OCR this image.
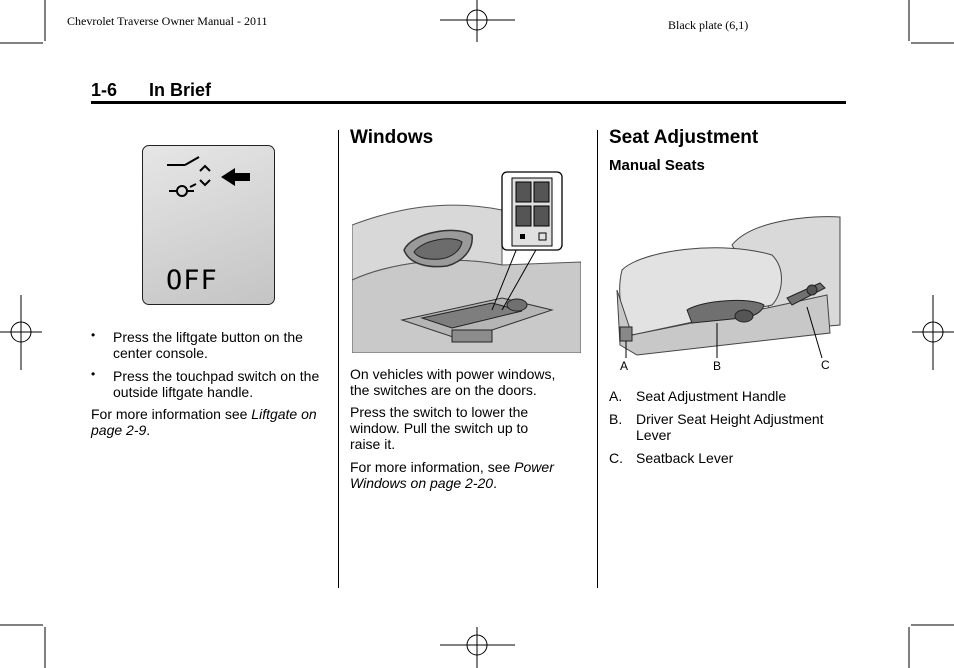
Chevrolet Traverse Owner Manual - 2011	Black plate (6,1)
1-6 In Brief
OFF
• Press the liftgate button on the center console.
• Press the touchpad switch on the outside liftgate handle.
For more information see Liftgate on page 2-9.
Windows
On vehicles with power windows, the switches are on the doors.
Press the switch to lower the window. Pull the switch up to raise it.
For more information, see Power Windows on page 2-20.
Seat Adjustment
Manual Seats
A	B	C
A. Seat Adjustment Handle
B. Driver Seat Height Adjustment Lever
C. Seatback Lever
